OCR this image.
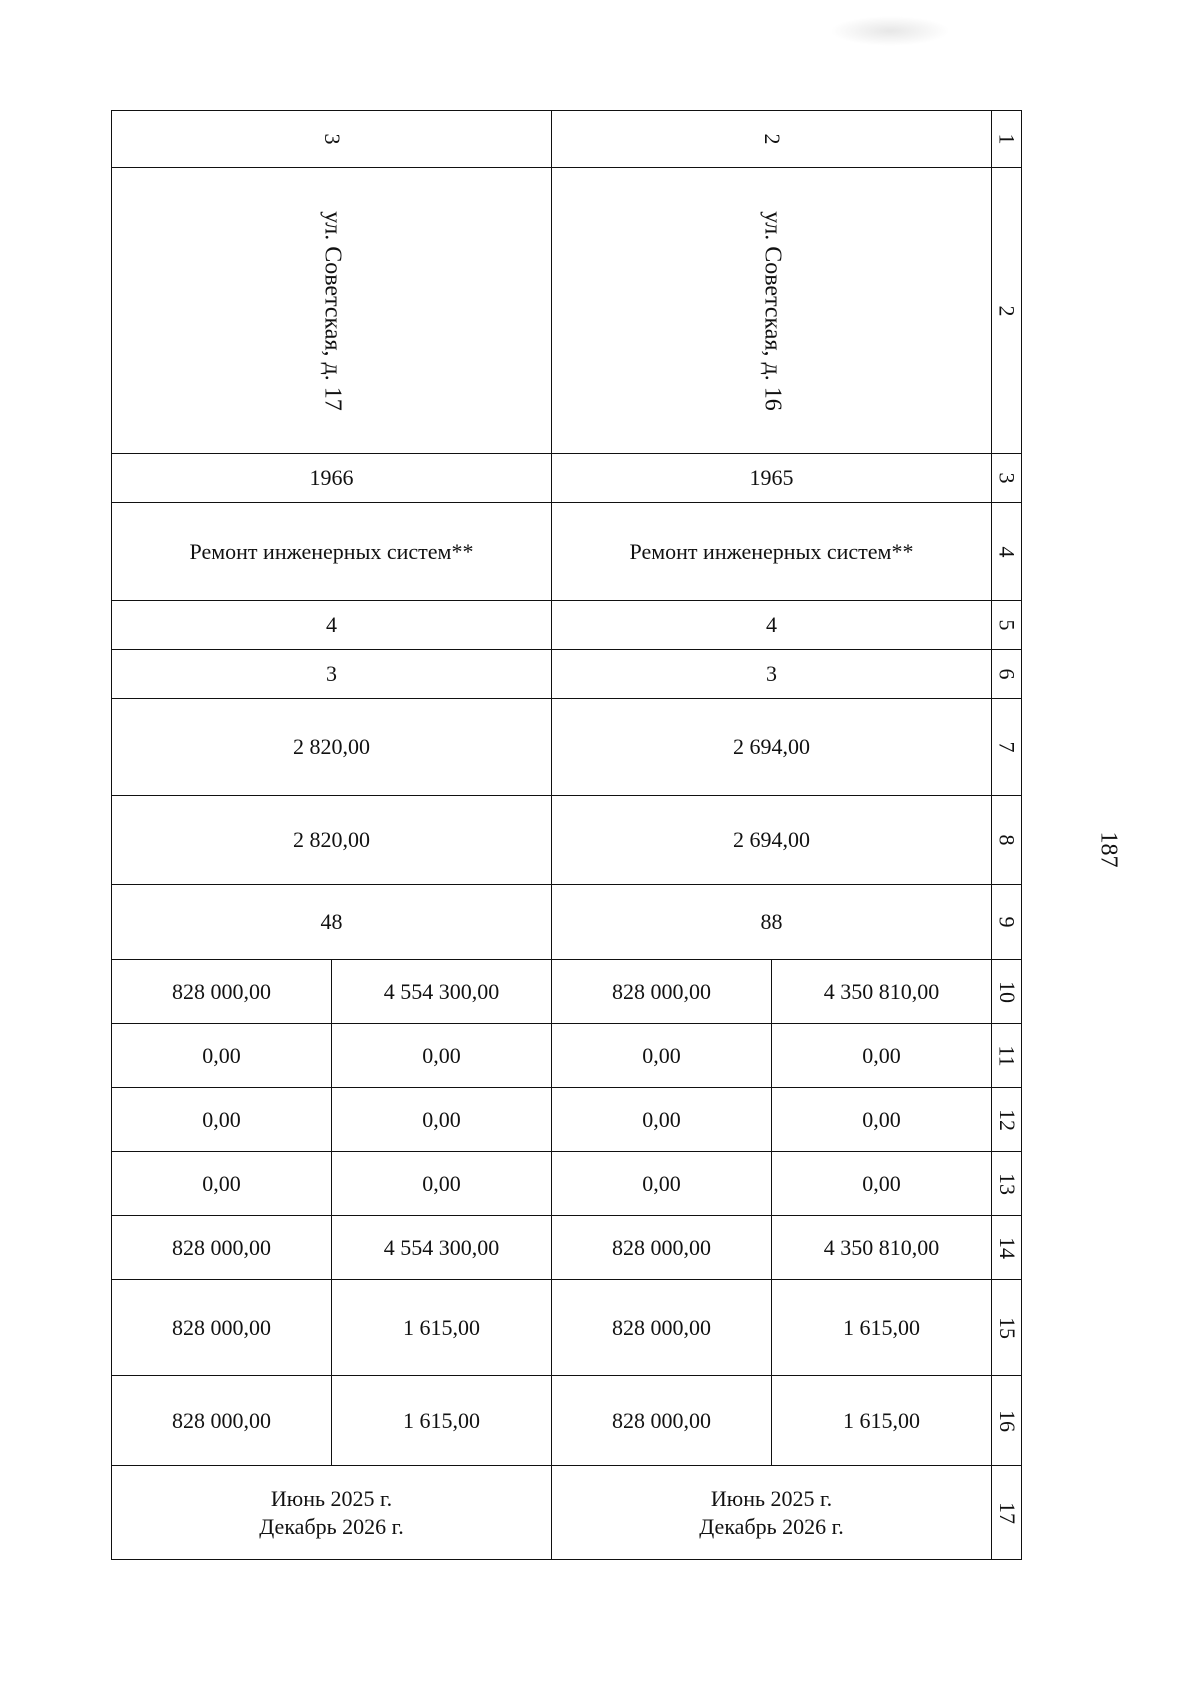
3		2		1

ул. Советская, д. 17		ул. Советская, д. 16		2
1966		1965		3
Ремонт инженерных систем**		Ремонт инженерных систем**		4
4		4		5
3		3		6
2 820,00		2 694,00		7
2 820,00		2 694,00		8
48		88		9
828 000,00	4 554 300,00	828 000,00	4 350 810,00	10
0,00	0,00	0,00	0,00	11
0,00	0,00	0,00	0,00	12
0,00	0,00	0,00	0,00	13
828 000,00	4 554 300,00	828 000,00	4 350 810,00	14
828 000,00	1 615,00	828 000,00	1 615,00	15
828 000,00	1 615,00	828 000,00	1 615,00	16

Июнь 2025 г.
Декабрь 2026 г.		Июнь 2025 г.
Декабрь 2026 г.		17
187
